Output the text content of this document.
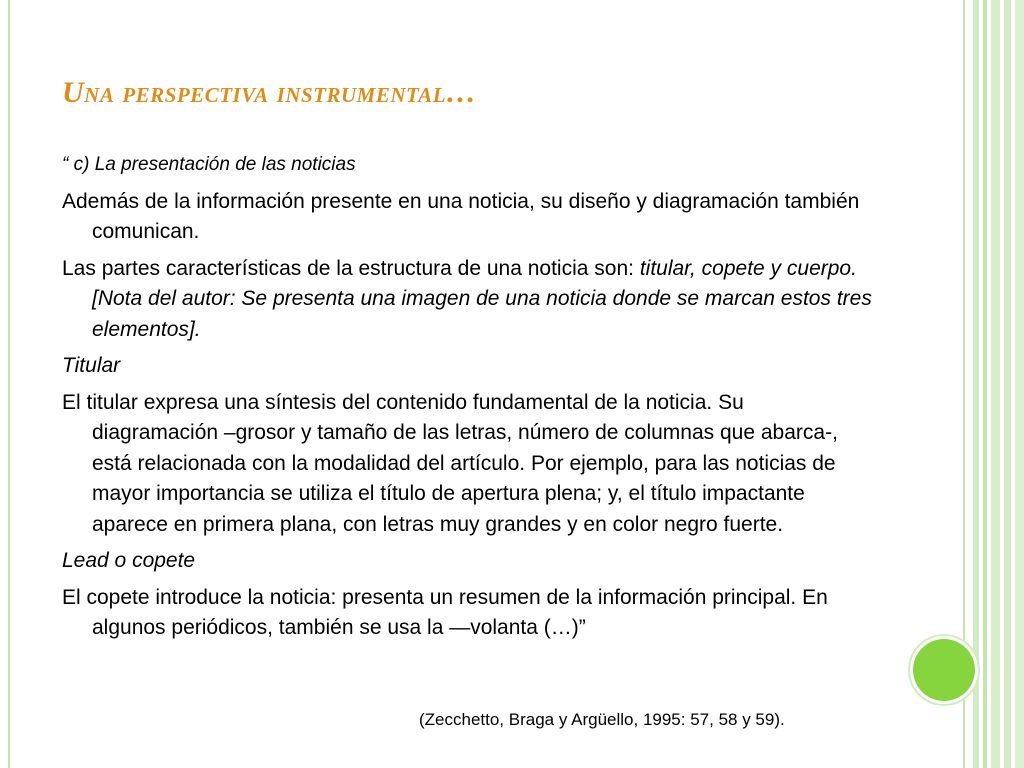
Una perspectiva instrumental…

“ c) La presentación de las noticias

Además de la información presente en una noticia, su diseño y diagramación también comunican.

Las partes características de la estructura de una noticia son: titular, copete y cuerpo. [Nota del autor: Se presenta una imagen de una noticia donde se marcan estos tres elementos].

Titular

El titular expresa una síntesis del contenido fundamental de la noticia. Su diagramación –grosor y tamaño de las letras, número de columnas que abarca-, está relacionada con la modalidad del artículo. Por ejemplo, para las noticias de mayor importancia se utiliza el título de apertura plena; y, el título impactante aparece en primera plana, con letras muy grandes y en color negro fuerte.

Lead o copete

El copete introduce la noticia: presenta un resumen de la información principal. En algunos periódicos, también se usa la —volanta (…)”

(Zecchetto, Braga y Argüello, 1995: 57, 58 y 59).
